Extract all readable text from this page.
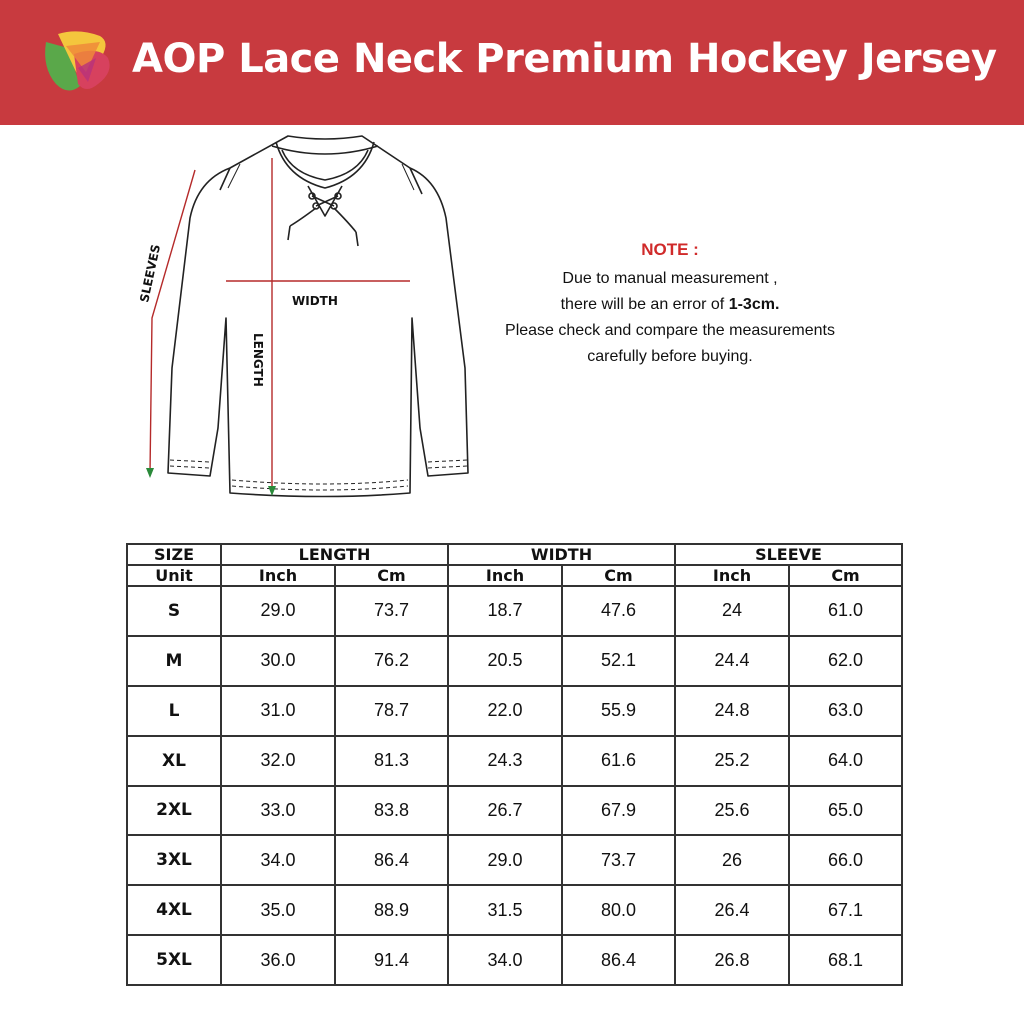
AOP Lace Neck Premium Hockey Jersey
SLEEVES	WIDTH
LENGTH
NOTE :
Due to manual measurement ,
there will be an error of 1-3cm.
Please check and compare the measurements
carefully before buying.
SIZE	LENGTH		WIDTH		SLEEVE	
Unit	Inch	Cm	Inch	Cm	Inch	Cm
S	29.0	73.7	18.7	47.6	24	61.0
M	30.0	76.2	20.5	52.1	24.4	62.0
L	31.0	78.7	22.0	55.9	24.8	63.0
XL	32.0	81.3	24.3	61.6	25.2	64.0
2XL	33.0	83.8	26.7	67.9	25.6	65.0
3XL	34.0	86.4	29.0	73.7	26	66.0
4XL	35.0	88.9	31.5	80.0	26.4	67.1
5XL	36.0	91.4	34.0	86.4	26.8	68.1
